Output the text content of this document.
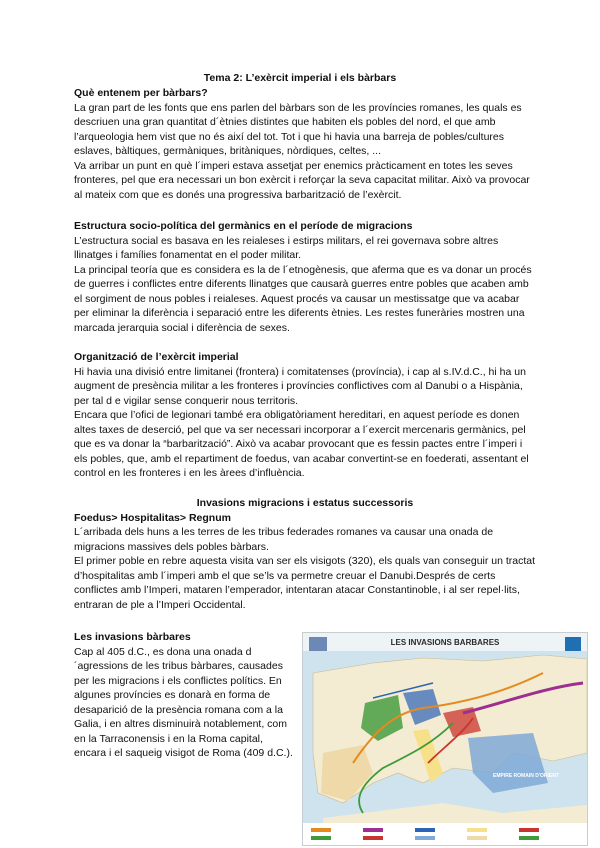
Tema 2: L’exèrcit imperial i els bàrbars

Què entenem per bàrbars?

La gran part de les fonts que ens parlen del bàrbars son de les províncies romanes, les quals es descriuen una gran quantitat d´ètnies distintes que habiten els pobles del nord, el que amb l’arqueologia hem vist que no és així del tot. Tot i que hi havia una barreja de pobles/cultures eslaves, bàltiques, germàniques, britàniques, nòrdiques, celtes, ...

Va arribar un punt en què l´imperi estava assetjat per enemics pràcticament en totes les seves fronteres, pel que era necessari un bon exèrcit i reforçar la seva capacitat militar. Això va provocar al mateix com que es donés una progressiva barbarització de l’exèrcit.

Estructura socio-política del germànics en el període de migracions

L’estructura social es basava en les reialeses i estirps militars, el rei governava sobre altres llinatges i famílies fonamentat en el poder militar.

La principal teoría que es considera es la de l´etnogènesis, que aferma que es va donar un procés de guerres i conflictes entre diferents llinatges que causarà guerres entre pobles que acaben amb el sorgiment de nous pobles i reialeses. Aquest procés va causar un mestissatge que va acabar per eliminar la diferència i separació entre les diferents ètnies. Les restes funeràries mostren una marcada jerarquia social i diferència de sexes.

Organització de l’exèrcit imperial

Hi havia una divisió entre limitanei (frontera) i comitatenses (província), i cap al s.IV.d.C., hi ha un augment de presència militar a les fronteres i províncies conflictives com al Danubi o a Hispània, per tal d e vigilar sense conquerir nous territoris.

Encara que l’ofici de legionari també era obligatòriament hereditari, en aquest període es donen altes taxes de deserció, pel que va ser necessari incorporar a l´exercit mercenaris germànics, pel que es va donar la “barbarització”. Això va acabar provocant que es fessin pactes entre l´imperi i els pobles, que, amb el repartiment de foedus, van acabar convertint-se en foederati, assentant el control en les fronteres i en les àrees d’influència.

Invasions migracions i estatus successoris

Foedus> Hospitalitas> Regnum

L´arribada dels huns a les terres de les tribus federades romanes va causar una onada de migracions massives dels pobles bàrbars.

El primer poble en rebre aquesta visita van ser els visigots (320), els quals van conseguir un tractat d’hospitalitas amb l´imperi amb el que se’ls va permetre creuar el Danubi.Després de certs conflictes amb l’Imperi, mataren l’emperador, intentaran atacar Constantinoble, i al ser repel·lits, entraran de ple a l’Imperi Occidental.

Les invasions bàrbares

Cap al 405 d.C., es dona una onada d´agressions de les tribus bàrbares, causades per les migracions i els conflictes polítics. En algunes províncies es donarà en forma de desaparició de la presència romana com a la Galia, i en altres disminuirà notablement, com en la Tarraconensis i en la Roma capital, encara i el saqueig visigot de Roma (409 d.C.).

LES INVASIONS BARBARES
EMPIRE ROMAIN D'ORIENT
